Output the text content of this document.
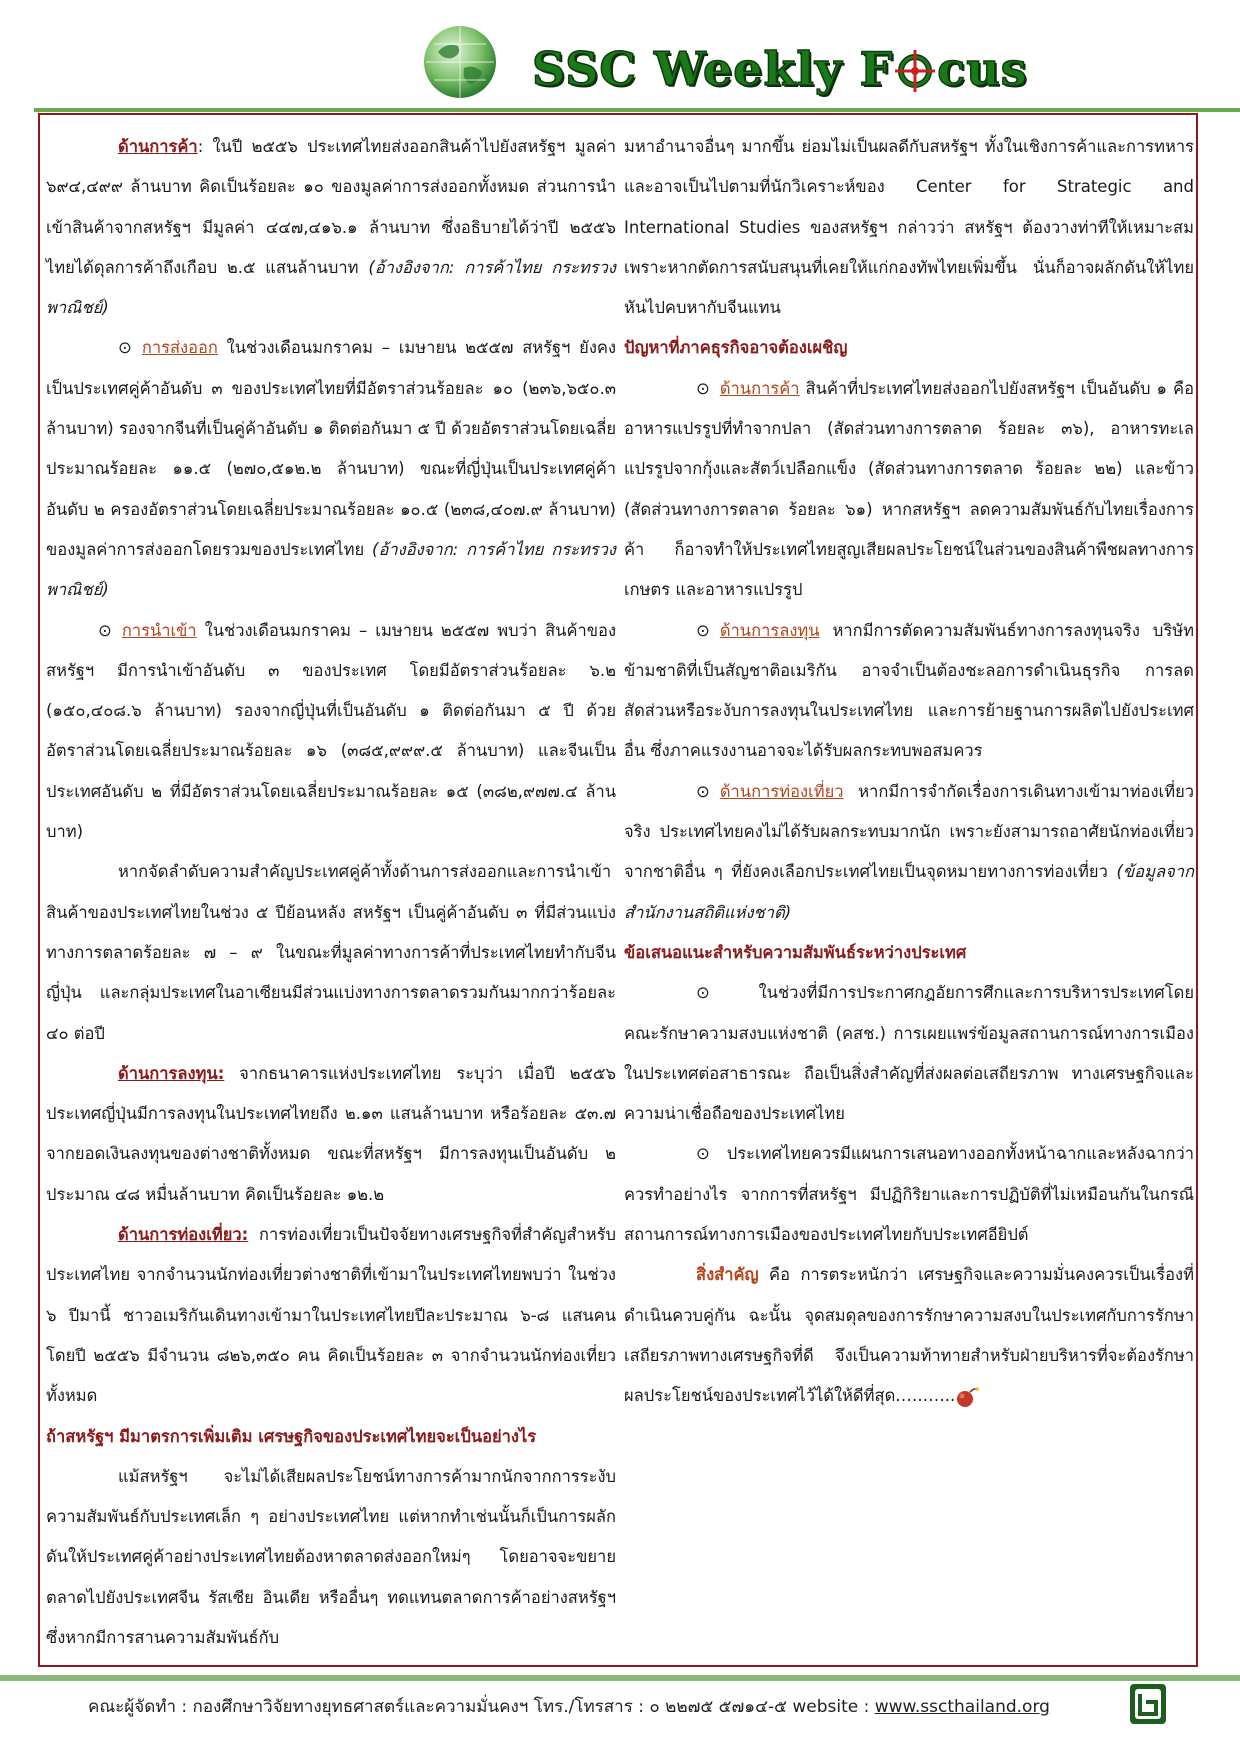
SSC Weekly F cus

ด้านการค้า: ในปี ๒๕๕๖ ประเทศไทยส่งออกสินค้าไปยังสหรัฐฯ มูลค่า ๖๙๔,๔๙๙ ล้านบาท คิดเป็นร้อยละ ๑๐ ของมูลค่าการส่งออกทั้งหมด ส่วนการนำเข้าสินค้าจากสหรัฐฯ มีมูลค่า ๔๔๗,๔๑๖.๑ ล้านบาท ซึ่งอธิบายได้ว่าปี ๒๕๕๖ ไทยได้ดุลการค้าถึงเกือบ ๒.๕ แสนล้านบาท (อ้างอิงจาก: การค้าไทย กระทรวงพาณิชย์)

⊙ การส่งออก ในช่วงเดือนมกราคม – เมษายน ๒๕๕๗ สหรัฐฯ ยังคงเป็นประเทศคู่ค้าอันดับ ๓ ของประเทศไทยที่มีอัตราส่วนร้อยละ ๑๐ (๒๓๖,๖๕๐.๓ ล้านบาท) รองจากจีนที่เป็นคู่ค้าอันดับ ๑ ติดต่อกันมา ๕ ปี ด้วยอัตราส่วนโดยเฉลี่ยประมาณร้อยละ ๑๑.๕ (๒๗๐,๕๑๒.๒ ล้านบาท) ขณะที่ญี่ปุ่นเป็นประเทศคู่ค้าอันดับ ๒ ครองอัตราส่วนโดยเฉลี่ยประมาณร้อยละ ๑๐.๕ (๒๓๘,๔๐๗.๙ ล้านบาท) ของมูลค่าการส่งออกโดยรวมของประเทศไทย (อ้างอิงจาก: การค้าไทย กระทรวงพาณิชย์)

⊙ การนำเข้า ในช่วงเดือนมกราคม – เมษายน ๒๕๕๗ พบว่า สินค้าของสหรัฐฯ มีการนำเข้าอันดับ ๓ ของประเทศ โดยมีอัตราส่วนร้อยละ ๖.๒ (๑๕๐,๔๐๘.๖ ล้านบาท) รองจากญี่ปุ่นที่เป็นอันดับ ๑ ติดต่อกันมา ๕ ปี ด้วยอัตราส่วนโดยเฉลี่ยประมาณร้อยละ ๑๖ (๓๘๕,๙๙๙.๕ ล้านบาท) และจีนเป็นประเทศอันดับ ๒ ที่มีอัตราส่วนโดยเฉลี่ยประมาณร้อยละ ๑๕ (๓๘๒,๙๗๗.๔ ล้านบาท)

หากจัดลำดับความสำคัญประเทศคู่ค้าทั้งด้านการส่งออกและการนำเข้าสินค้าของประเทศไทยในช่วง ๕ ปีย้อนหลัง สหรัฐฯ เป็นคู่ค้าอันดับ ๓ ที่มีส่วนแบ่งทางการตลาดร้อยละ ๗ – ๙ ในขณะที่มูลค่าทางการค้าที่ประเทศไทยทำกับจีน ญี่ปุ่น และกลุ่มประเทศในอาเซียนมีส่วนแบ่งทางการตลาดรวมกันมากกว่าร้อยละ ๔๐ ต่อปี

ด้านการลงทุน: จากธนาคารแห่งประเทศไทย ระบุว่า เมื่อปี ๒๕๕๖ ประเทศญี่ปุ่นมีการลงทุนในประเทศไทยถึง ๒.๑๓ แสนล้านบาท หรือร้อยละ ๕๓.๗ จากยอดเงินลงทุนของต่างชาติทั้งหมด ขณะที่สหรัฐฯ มีการลงทุนเป็นอันดับ ๒ ประมาณ ๔๘ หมื่นล้านบาท คิดเป็นร้อยละ ๑๒.๒

ด้านการท่องเที่ยว: การท่องเที่ยวเป็นปัจจัยทางเศรษฐกิจที่สำคัญสำหรับประเทศไทย จากจำนวนนักท่องเที่ยวต่างชาติที่เข้ามาในประเทศไทยพบว่า ในช่วง ๖ ปีมานี้ ชาวอเมริกันเดินทางเข้ามาในประเทศไทยปีละประมาณ ๖-๘ แสนคน โดยปี ๒๕๕๖ มีจำนวน ๘๒๖,๓๕๐ คน คิดเป็นร้อยละ ๓ จากจำนวนนักท่องเที่ยวทั้งหมด

ถ้าสหรัฐฯ มีมาตรการเพิ่มเติม เศรษฐกิจของประเทศไทยจะเป็นอย่างไร

แม้สหรัฐฯ จะไม่ได้เสียผลประโยชน์ทางการค้ามากนักจากการระงับความสัมพันธ์กับประเทศเล็ก ๆ อย่างประเทศไทย แต่หากทำเช่นนั้นก็เป็นการผลักดันให้ประเทศคู่ค้าอย่างประเทศไทยต้องหาตลาดส่งออกใหม่ๆ โดยอาจจะขยายตลาดไปยังประเทศจีน รัสเซีย อินเดีย หรืออื่นๆ ทดแทนตลาดการค้าอย่างสหรัฐฯ ซึ่งหากมีการสานความสัมพันธ์กับ

มหาอำนาจอื่นๆ มากขึ้น ย่อมไม่เป็นผลดีกับสหรัฐฯ ทั้งในเชิงการค้าและการทหาร และอาจเป็นไปตามที่นักวิเคราะห์ของ Center for Strategic and International Studies ของสหรัฐฯ กล่าวว่า สหรัฐฯ ต้องวางท่าทีให้เหมาะสม เพราะหากตัดการสนับสนุนที่เคยให้แก่กองทัพไทยเพิ่มขึ้น นั่นก็อาจผลักดันให้ไทยหันไปคบหากับจีนแทน

ปัญหาที่ภาคธุรกิจอาจต้องเผชิญ

⊙ ด้านการค้า สินค้าที่ประเทศไทยส่งออกไปยังสหรัฐฯ เป็นอันดับ ๑ คือ อาหารแปรรูปที่ทำจากปลา (สัดส่วนทางการตลาด ร้อยละ ๓๖), อาหารทะเลแปรรูปจากกุ้งและสัตว์เปลือกแข็ง (สัดส่วนทางการตลาด ร้อยละ ๒๒) และข้าว (สัดส่วนทางการตลาด ร้อยละ ๖๑) หากสหรัฐฯ ลดความสัมพันธ์กับไทยเรื่องการค้า ก็อาจทำให้ประเทศไทยสูญเสียผลประโยชน์ในส่วนของสินค้าพืชผลทางการเกษตร และอาหารแปรรูป

⊙ ด้านการลงทุน หากมีการตัดความสัมพันธ์ทางการลงทุนจริง บริษัทข้ามชาติที่เป็นสัญชาติอเมริกัน อาจจำเป็นต้องชะลอการดำเนินธุรกิจ การลดสัดส่วนหรือระงับการลงทุนในประเทศไทย และการย้ายฐานการผลิตไปยังประเทศอื่น ซึ่งภาคแรงงานอาจจะได้รับผลกระทบพอสมควร

⊙ ด้านการท่องเที่ยว หากมีการจำกัดเรื่องการเดินทางเข้ามาท่องเที่ยวจริง ประเทศไทยคงไม่ได้รับผลกระทบมากนัก เพราะยังสามารถอาศัยนักท่องเที่ยวจากชาติอื่น ๆ ที่ยังคงเลือกประเทศไทยเป็นจุดหมายทางการท่องเที่ยว (ข้อมูลจากสำนักงานสถิติแห่งชาติ)

ข้อเสนอแนะสำหรับความสัมพันธ์ระหว่างประเทศ

⊙ ในช่วงที่มีการประกาศกฎอัยการศึกและการบริหารประเทศโดยคณะรักษาความสงบแห่งชาติ (คสช.) การเผยแพร่ข้อมูลสถานการณ์ทางการเมืองในประเทศต่อสาธารณะ ถือเป็นสิ่งสำคัญที่ส่งผลต่อเสถียรภาพ ทางเศรษฐกิจและความน่าเชื่อถือของประเทศไทย

⊙ ประเทศไทยควรมีแผนการเสนอทางออกทั้งหน้าฉากและหลังฉากว่าควรทำอย่างไร จากการที่สหรัฐฯ มีปฏิกิริยาและการปฏิบัติที่ไม่เหมือนกันในกรณีสถานการณ์ทางการเมืองของประเทศไทยกับประเทศอียิปต์

สิ่งสำคัญ คือ การตระหนักว่า เศรษฐกิจและความมั่นคงควรเป็นเรื่องที่ดำเนินควบคู่กัน ฉะนั้น จุดสมดุลของการรักษาความสงบในประเทศกับการรักษาเสถียรภาพทางเศรษฐกิจที่ดี จึงเป็นความท้าทายสำหรับฝ่ายบริหารที่จะต้องรักษาผลประโยชน์ของประเทศไว้ได้ให้ดีที่สุด………..

คณะผู้จัดทำ : กองศึกษาวิจัยทางยุทธศาสตร์และความมั่นคงฯ โทร./โทรสาร : ๐ ๒๒๗๕ ๕๗๑๔-๕ website : www.sscthailand.org
